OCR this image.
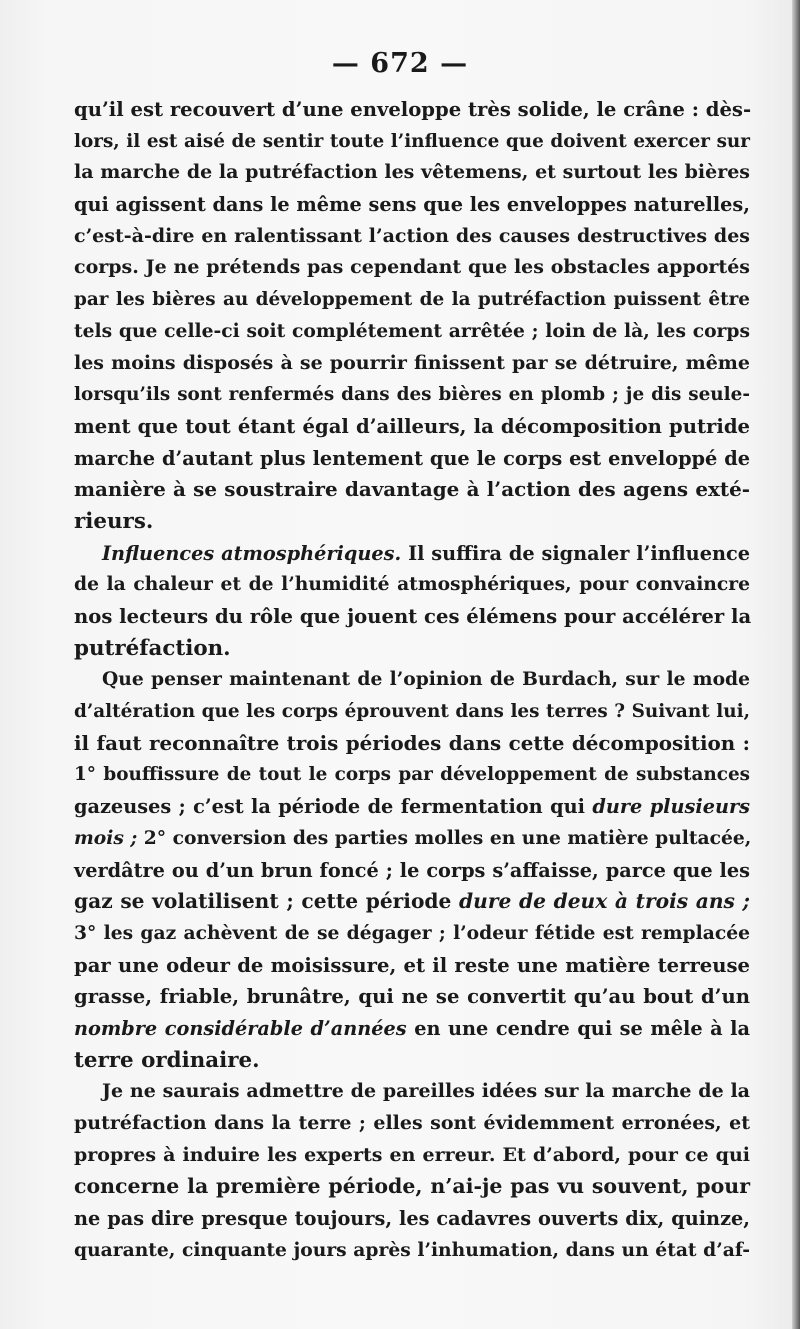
— 672 —
qu’il est recouvert d’une enveloppe très solide, le crâne : dès-
lors, il est aisé de sentir toute l’influence que doivent exercer sur
la marche de la putréfaction les vêtemens, et surtout les bières
qui agissent dans le même sens que les enveloppes naturelles,
c’est-à-dire en ralentissant l’action des causes destructives des
corps. Je ne prétends pas cependant que les obstacles apportés
par les bières au développement de la putréfaction puissent être
tels que celle-ci soit complétement arrêtée ; loin de là, les corps
les moins disposés à se pourrir finissent par se détruire, même
lorsqu’ils sont renfermés dans des bières en plomb ; je dis seule-
ment que tout étant égal d’ailleurs, la décomposition putride
marche d’autant plus lentement que le corps est enveloppé de
manière à se soustraire davantage à l’action des agens exté-
rieurs.
Influences atmosphériques. Il suffira de signaler l’influence
de la chaleur et de l’humidité atmosphériques, pour convaincre
nos lecteurs du rôle que jouent ces élémens pour accélérer la
putréfaction.
Que penser maintenant de l’opinion de Burdach, sur le mode
d’altération que les corps éprouvent dans les terres ? Suivant lui,
il faut reconnaître trois périodes dans cette décomposition :
1° bouffissure de tout le corps par développement de substances
gazeuses ; c’est la période de fermentation qui dure plusieurs
mois ; 2° conversion des parties molles en une matière pultacée,
verdâtre ou d’un brun foncé ; le corps s’affaisse, parce que les
gaz se volatilisent ; cette période dure de deux à trois ans ;
3° les gaz achèvent de se dégager ; l’odeur fétide est remplacée
par une odeur de moisissure, et il reste une matière terreuse
grasse, friable, brunâtre, qui ne se convertit qu’au bout d’un
nombre considérable d’années en une cendre qui se mêle à la
terre ordinaire.
Je ne saurais admettre de pareilles idées sur la marche de la
putréfaction dans la terre ; elles sont évidemment erronées, et
propres à induire les experts en erreur. Et d’abord, pour ce qui
concerne la première période, n’ai-je pas vu souvent, pour
ne pas dire presque toujours, les cadavres ouverts dix, quinze,
quarante, cinquante jours après l’inhumation, dans un état d’af-
